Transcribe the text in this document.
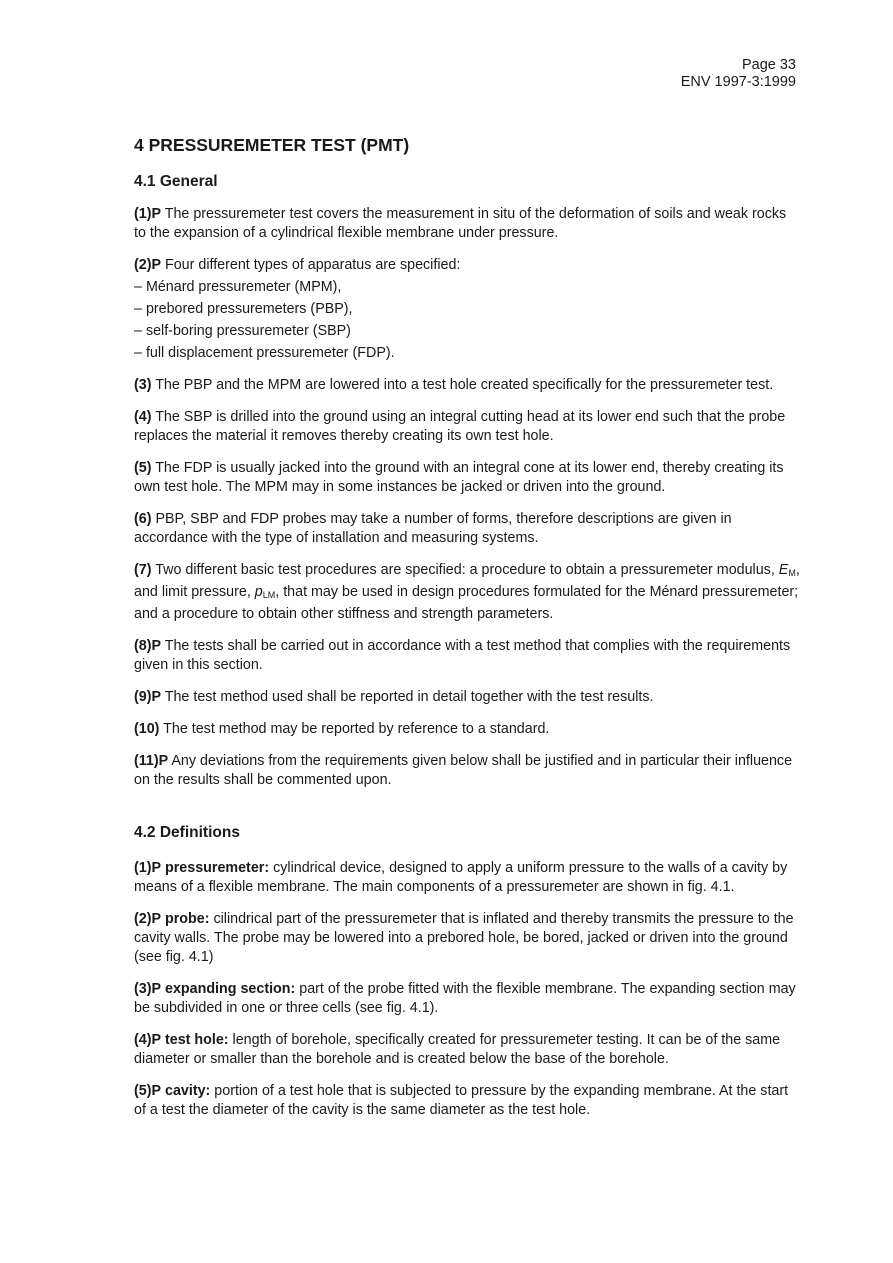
Page 33
ENV 1997-3:1999
4 PRESSUREMETER TEST (PMT)
4.1 General

(1)P The pressuremeter test covers the measurement in situ of the deformation of soils and weak rocks to the expansion of a cylindrical flexible membrane under pressure.

(2)P Four different types of apparatus are specified:

– Ménard pressuremeter (MPM),
– prebored pressuremeters (PBP),
– self-boring pressuremeter (SBP)
– full displacement pressuremeter (FDP).

(3) The PBP and the MPM are lowered into a test hole created specifically for the pressuremeter test.

(4) The SBP is drilled into the ground using an integral cutting head at its lower end such that the probe replaces the material it removes thereby creating its own test hole.

(5) The FDP is usually jacked into the ground with an integral cone at its lower end, thereby creating its own test hole. The MPM may in some instances be jacked or driven into the ground.

(6) PBP, SBP and FDP probes may take a number of forms, therefore descriptions are given in accordance with the type of installation and measuring systems.

(7) Two different basic test procedures are specified: a procedure to obtain a pressuremeter modulus, $E_M$, and limit pressure, $p_{LM}$, that may be used in design procedures formulated for the Ménard pressuremeter; and a procedure to obtain other stiffness and strength parameters.

(8)P The tests shall be carried out in accordance with a test method that complies with the requirements given in this section.

(9)P The test method used shall be reported in detail together with the test results.

(10) The test method may be reported by reference to a standard.

(11)P Any deviations from the requirements given below shall be justified and in particular their influence on the results shall be commented upon.

4.2 Definitions

(1)P pressuremeter: cylindrical device, designed to apply a uniform pressure to the walls of a cavity by means of a flexible membrane. The main components of a pressuremeter are shown in fig. 4.1.

(2)P probe: cilindrical part of the pressuremeter that is inflated and thereby transmits the pressure to the cavity walls. The probe may be lowered into a prebored hole, be bored, jacked or driven into the ground (see fig. 4.1)

(3)P expanding section: part of the probe fitted with the flexible membrane. The expanding section may be subdivided in one or three cells (see fig. 4.1).

(4)P test hole: length of borehole, specifically created for pressuremeter testing. It can be of the same diameter or smaller than the borehole and is created below the base of the borehole.

(5)P cavity: portion of a test hole that is subjected to pressure by the expanding membrane. At the start of a test the diameter of the cavity is the same diameter as the test hole.
